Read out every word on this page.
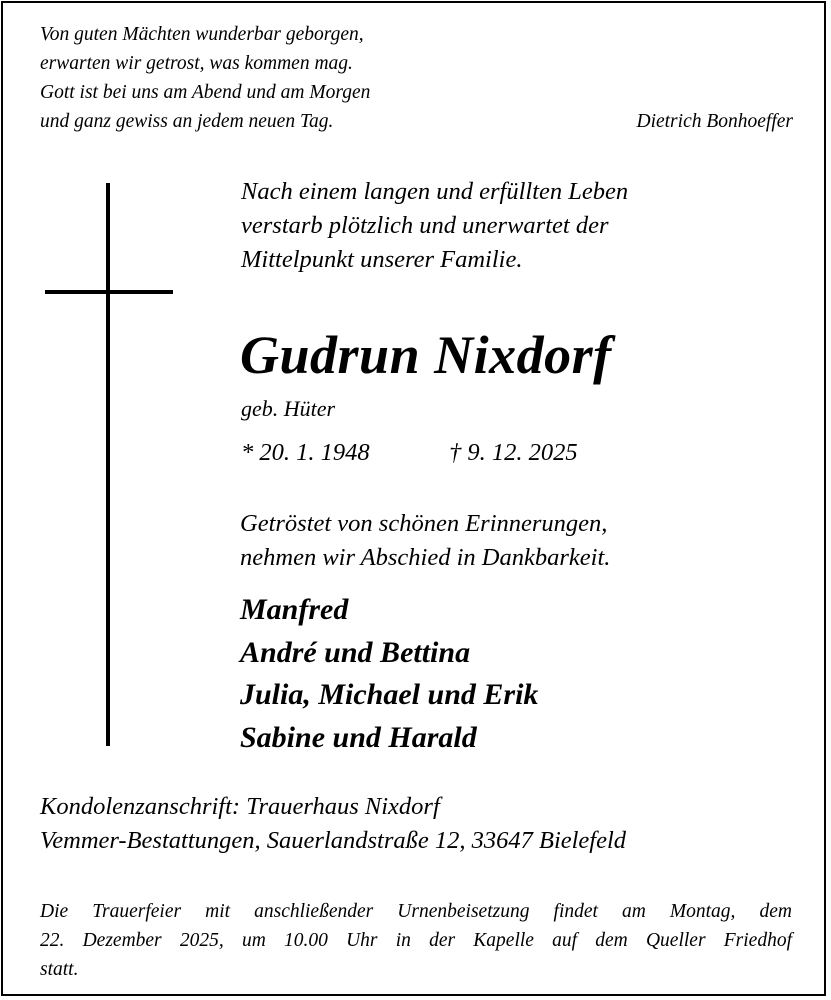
Von guten Mächten wunderbar geborgen,
erwarten wir getrost, was kommen mag.
Gott ist bei uns am Abend und am Morgen
und ganz gewiss an jedem neuen Tag.	Dietrich Bonhoeffer
Nach einem langen und erfüllten Leben
verstarb plötzlich und unerwartet der
Mittelpunkt unserer Familie.
Gudrun Nixdorf
geb. Hüter
* 20. 1. 1948	† 9. 12. 2025
Getröstet von schönen Erinnerungen,
nehmen wir Abschied in Dankbarkeit.
Manfred
André und Bettina
Julia, Michael und Erik
Sabine und Harald
Kondolenzanschrift: Trauerhaus Nixdorf
Vemmer-Bestattungen, Sauerlandstraße 12, 33647 Bielefeld
Die Trauerfeier mit anschließender Urnenbeisetzung findet am Montag, dem
22. Dezember 2025, um 10.00 Uhr in der Kapelle auf dem Queller Friedhof
statt.
